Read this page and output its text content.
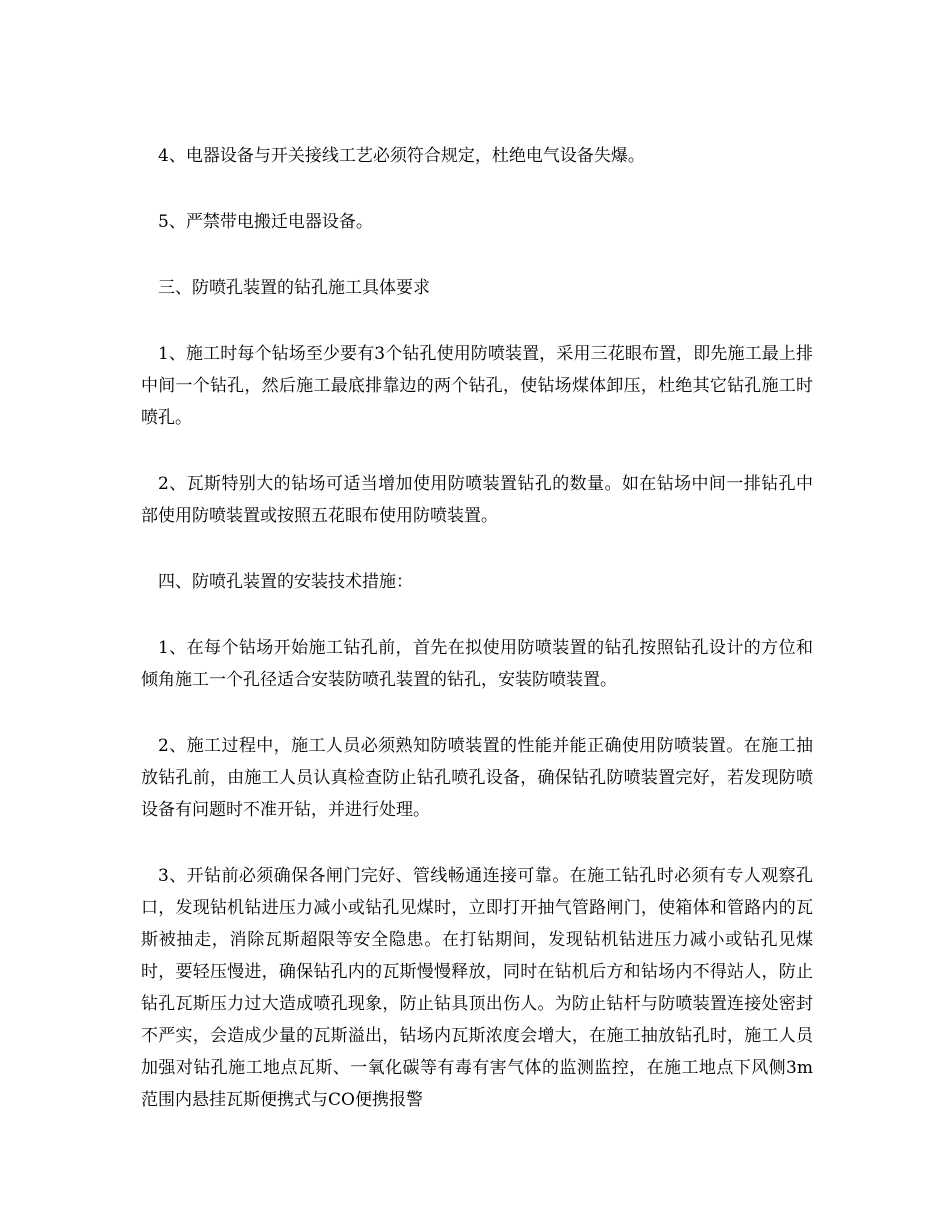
4、电器设备与开关接线工艺必须符合规定，杜绝电气设备失爆。

5、严禁带电搬迁电器设备。

三、防喷孔装置的钻孔施工具体要求

1、施工时每个钻场至少要有3个钻孔使用防喷装置，采用三花眼布置，即先施工最上排中间一个钻孔，然后施工最底排靠边的两个钻孔，使钻场煤体卸压，杜绝其它钻孔施工时喷孔。

2、瓦斯特别大的钻场可适当增加使用防喷装置钻孔的数量。如在钻场中间一排钻孔中部使用防喷装置或按照五花眼布使用防喷装置。

四、防喷孔装置的安装技术措施：

1、在每个钻场开始施工钻孔前，首先在拟使用防喷装置的钻孔按照钻孔设计的方位和倾角施工一个孔径适合安装防喷孔装置的钻孔，安装防喷装置。

2、施工过程中，施工人员必须熟知防喷装置的性能并能正确使用防喷装置。在施工抽放钻孔前，由施工人员认真检查防止钻孔喷孔设备，确保钻孔防喷装置完好，若发现防喷设备有问题时不准开钻，并进行处理。

3、开钻前必须确保各闸门完好、管线畅通连接可靠。在施工钻孔时必须有专人观察孔口，发现钻机钻进压力减小或钻孔见煤时，立即打开抽气管路闸门，使箱体和管路内的瓦斯被抽走，消除瓦斯超限等安全隐患。在打钻期间，发现钻机钻进压力减小或钻孔见煤时，要轻压慢进，确保钻孔内的瓦斯慢慢释放，同时在钻机后方和钻场内不得站人，防止钻孔瓦斯压力过大造成喷孔现象，防止钻具顶出伤人。为防止钻杆与防喷装置连接处密封不严实，会造成少量的瓦斯溢出，钻场内瓦斯浓度会增大，在施工抽放钻孔时，施工人员加强对钻孔施工地点瓦斯、一氧化碳等有毒有害气体的监测监控，在施工地点下风侧3m范围内悬挂瓦斯便携式与CO便携报警
